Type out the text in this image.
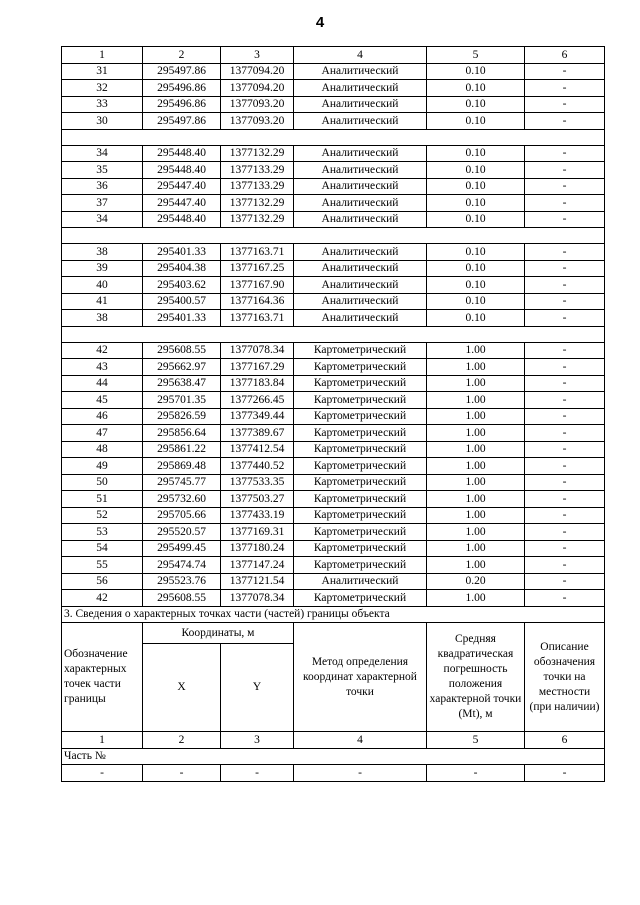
4
1	2	3	4	5	6
31	295497.86	1377094.20	Аналитический	0.10	-
32	295496.86	1377094.20	Аналитический	0.10	-
33	295496.86	1377093.20	Аналитический	0.10	-
30	295497.86	1377093.20	Аналитический	0.10	-

34	295448.40	1377132.29	Аналитический	0.10	-
35	295448.40	1377133.29	Аналитический	0.10	-
36	295447.40	1377133.29	Аналитический	0.10	-
37	295447.40	1377132.29	Аналитический	0.10	-
34	295448.40	1377132.29	Аналитический	0.10	-

38	295401.33	1377163.71	Аналитический	0.10	-
39	295404.38	1377167.25	Аналитический	0.10	-
40	295403.62	1377167.90	Аналитический	0.10	-
41	295400.57	1377164.36	Аналитический	0.10	-
38	295401.33	1377163.71	Аналитический	0.10	-

42	295608.55	1377078.34	Картометрический	1.00	-
43	295662.97	1377167.29	Картометрический	1.00	-
44	295638.47	1377183.84	Картометрический	1.00	-
45	295701.35	1377266.45	Картометрический	1.00	-
46	295826.59	1377349.44	Картометрический	1.00	-
47	295856.64	1377389.67	Картометрический	1.00	-
48	295861.22	1377412.54	Картометрический	1.00	-
49	295869.48	1377440.52	Картометрический	1.00	-
50	295745.77	1377533.35	Картометрический	1.00	-
51	295732.60	1377503.27	Картометрический	1.00	-
52	295705.66	1377433.19	Картометрический	1.00	-
53	295520.57	1377169.31	Картометрический	1.00	-
54	295499.45	1377180.24	Картометрический	1.00	-
55	295474.74	1377147.24	Картометрический	1.00	-
56	295523.76	1377121.54	Аналитический	0.20	-
42	295608.55	1377078.34	Картометрический	1.00	-
3. Сведения о характерных точках части (частей) границы объекта					
Обозначение характерных точек части границы	Координаты, м		Метод определения координат характерной точки	Средняя квадратическая погрешность положения характерной точки (Mt), м	Описание обозначения точки на местности (при наличии)
	X	Y			
1	2	3	4	5	6
Часть №					
-	-	-	-	-	-
